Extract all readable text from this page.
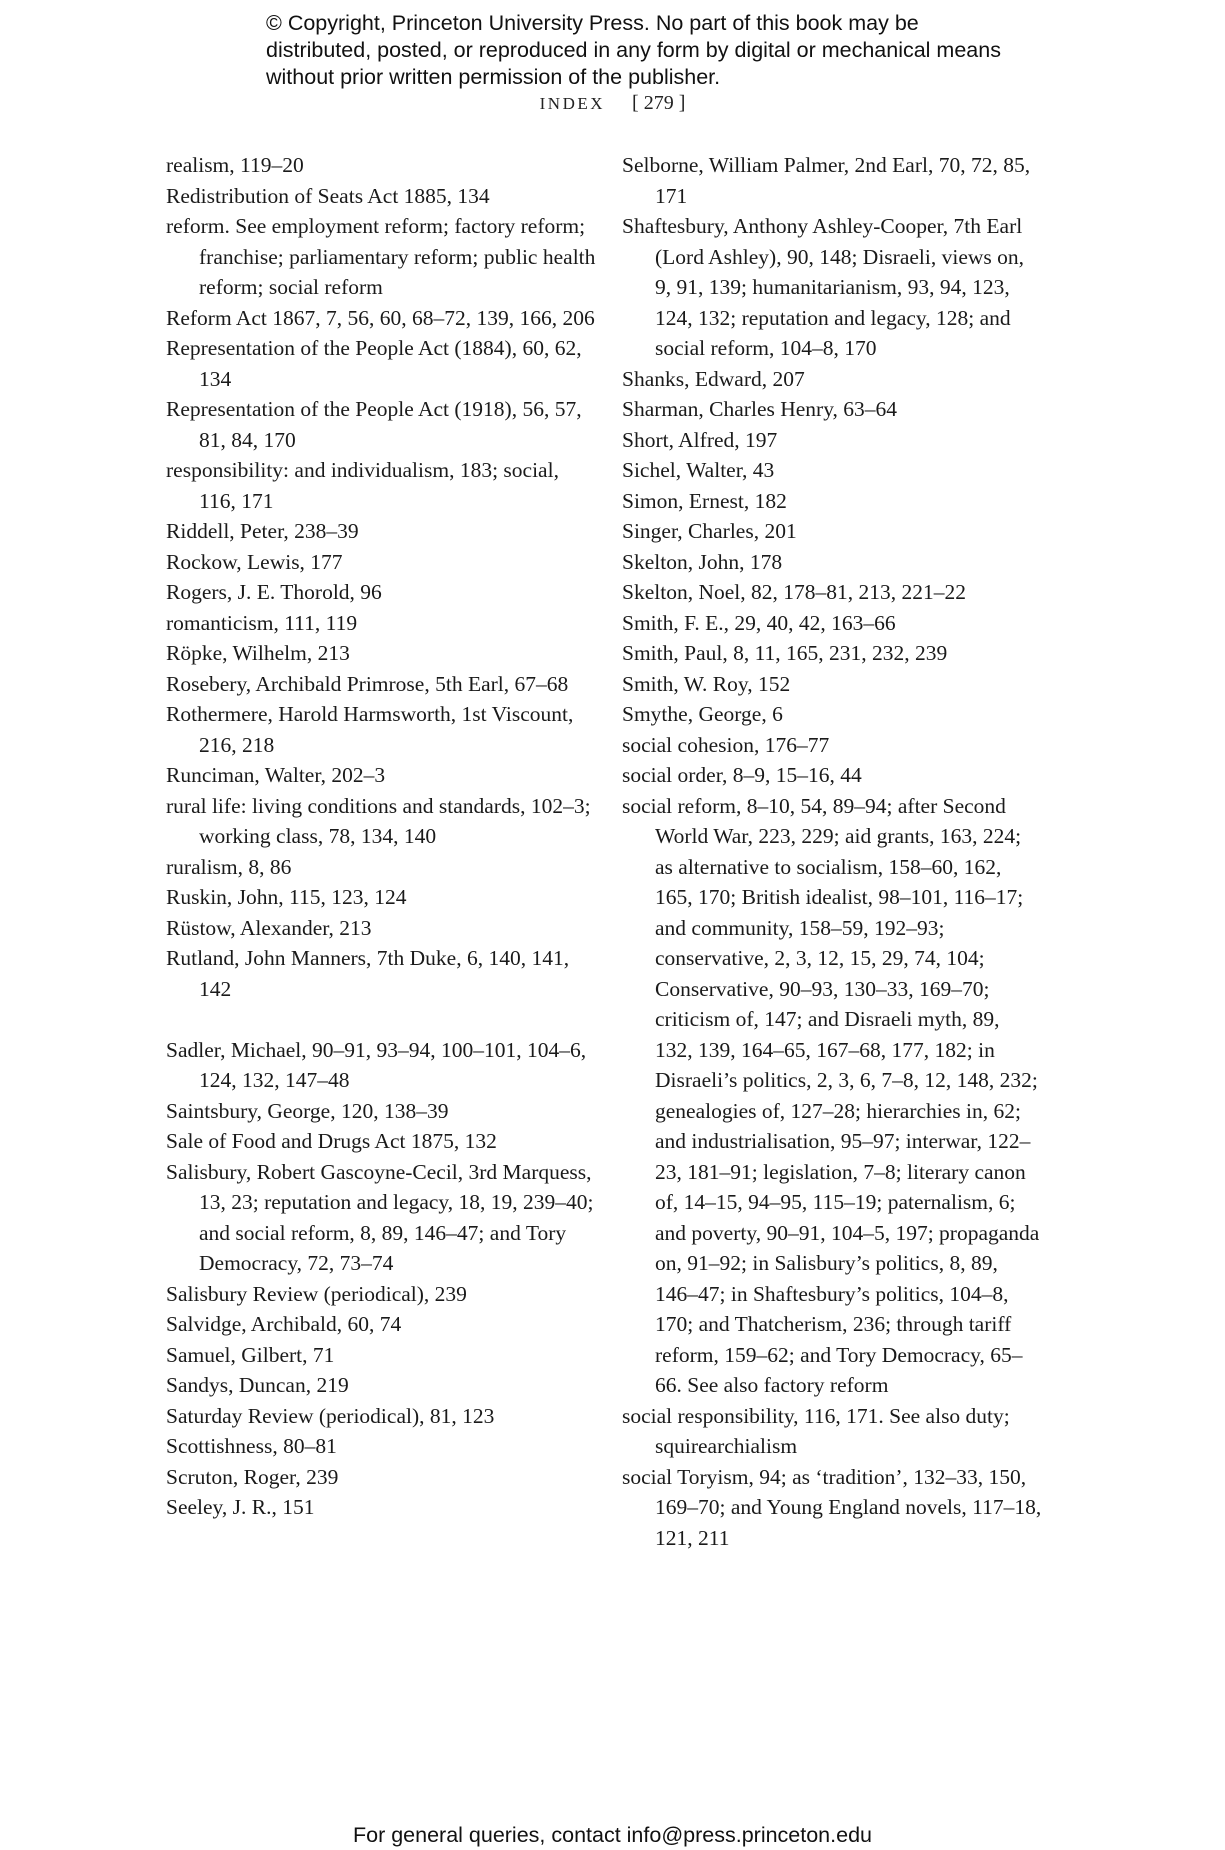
© Copyright, Princeton University Press. No part of this book may be distributed, posted, or reproduced in any form by digital or mechanical means without prior written permission of the publisher.
INDEX [ 279 ]
realism, 119–20
Redistribution of Seats Act 1885, 134
reform. See employment reform; factory reform; franchise; parliamentary reform; public health reform; social reform
Reform Act 1867, 7, 56, 60, 68–72, 139, 166, 206
Representation of the People Act (1884), 60, 62, 134
Representation of the People Act (1918), 56, 57, 81, 84, 170
responsibility: and individualism, 183; social, 116, 171
Riddell, Peter, 238–39
Rockow, Lewis, 177
Rogers, J. E. Thorold, 96
romanticism, 111, 119
Röpke, Wilhelm, 213
Rosebery, Archibald Primrose, 5th Earl, 67–68
Rothermere, Harold Harmsworth, 1st Viscount, 216, 218
Runciman, Walter, 202–3
rural life: living conditions and standards, 102–3; working class, 78, 134, 140
ruralism, 8, 86
Ruskin, John, 115, 123, 124
Rüstow, Alexander, 213
Rutland, John Manners, 7th Duke, 6, 140, 141, 142
Sadler, Michael, 90–91, 93–94, 100–101, 104–6, 124, 132, 147–48
Saintsbury, George, 120, 138–39
Sale of Food and Drugs Act 1875, 132
Salisbury, Robert Gascoyne-Cecil, 3rd Marquess, 13, 23; reputation and legacy, 18, 19, 239–40; and social reform, 8, 89, 146–47; and Tory Democracy, 72, 73–74
Salisbury Review (periodical), 239
Salvidge, Archibald, 60, 74
Samuel, Gilbert, 71
Sandys, Duncan, 219
Saturday Review (periodical), 81, 123
Scottishness, 80–81
Scruton, Roger, 239
Seeley, J. R., 151
Selborne, William Palmer, 2nd Earl, 70, 72, 85, 171
Shaftesbury, Anthony Ashley-Cooper, 7th Earl (Lord Ashley), 90, 148; Disraeli, views on, 9, 91, 139; humanitarianism, 93, 94, 123, 124, 132; reputation and legacy, 128; and social reform, 104–8, 170
Shanks, Edward, 207
Sharman, Charles Henry, 63–64
Short, Alfred, 197
Sichel, Walter, 43
Simon, Ernest, 182
Singer, Charles, 201
Skelton, John, 178
Skelton, Noel, 82, 178–81, 213, 221–22
Smith, F. E., 29, 40, 42, 163–66
Smith, Paul, 8, 11, 165, 231, 232, 239
Smith, W. Roy, 152
Smythe, George, 6
social cohesion, 176–77
social order, 8–9, 15–16, 44
social reform, 8–10, 54, 89–94; after Second World War, 223, 229; aid grants, 163, 224; as alternative to socialism, 158–60, 162, 165, 170; British idealist, 98–101, 116–17; and community, 158–59, 192–93; conservative, 2, 3, 12, 15, 29, 74, 104; Conservative, 90–93, 130–33, 169–70; criticism of, 147; and Disraeli myth, 89, 132, 139, 164–65, 167–68, 177, 182; in Disraeli’s politics, 2, 3, 6, 7–8, 12, 148, 232; genealogies of, 127–28; hierarchies in, 62; and industrialisation, 95–97; interwar, 122–23, 181–91; legislation, 7–8; literary canon of, 14–15, 94–95, 115–19; paternalism, 6; and poverty, 90–91, 104–5, 197; propaganda on, 91–92; in Salisbury’s politics, 8, 89, 146–47; in Shaftesbury’s politics, 104–8, 170; and Thatcherism, 236; through tariff reform, 159–62; and Tory Democracy, 65–66. See also factory reform
social responsibility, 116, 171. See also duty; squirearchialism
social Toryism, 94; as ‘tradition’, 132–33, 150, 169–70; and Young England novels, 117–18, 121, 211
For general queries, contact info@press.princeton.edu
